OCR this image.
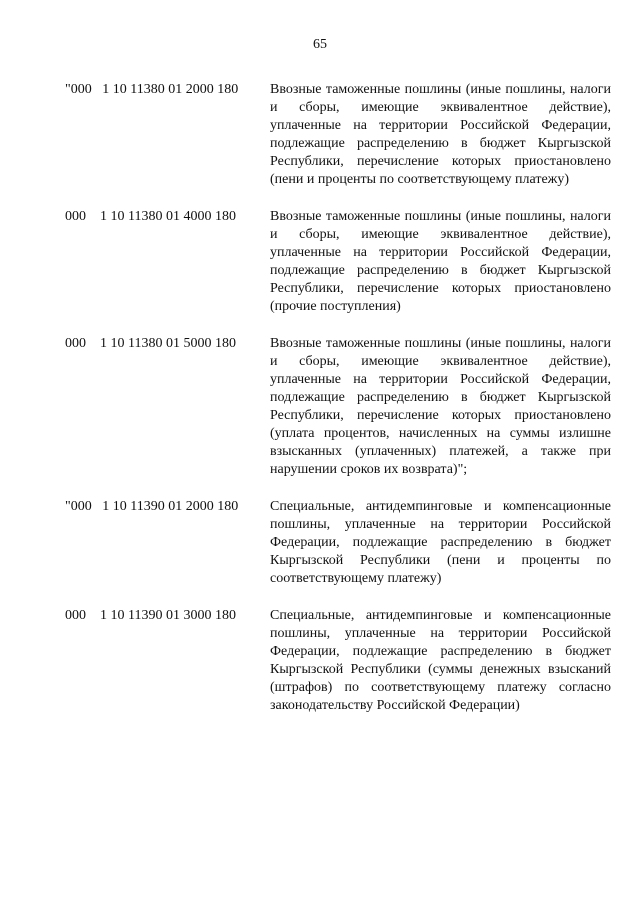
65
"000   1 10 11380 01 2000 180	Ввозные таможенные пошлины (иные пошлины, налоги и сборы, имеющие эквивалентное действие), уплаченные на территории Российской Федерации, подлежащие распределению в бюджет Кыргызской Республики, перечисление которых приостановлено (пени и проценты по соответствующему платежу)
000    1 10 11380 01 4000 180	Ввозные таможенные пошлины (иные пошлины, налоги и сборы, имеющие эквивалентное действие), уплаченные на территории Российской Федерации, подлежащие распределению в бюджет Кыргызской Республики, перечисление которых приостановлено (прочие поступления)
000    1 10 11380 01 5000 180	Ввозные таможенные пошлины (иные пошлины, налоги и сборы, имеющие эквивалентное действие), уплаченные на территории Российской Федерации, подлежащие распределению в бюджет Кыргызской Республики, перечисление которых приостановлено (уплата процентов, начисленных на суммы излишне взысканных (уплаченных) платежей, а также при нарушении сроков их возврата)";
"000   1 10 11390 01 2000 180	Специальные, антидемпинговые и компенсационные пошлины, уплаченные на территории Российской Федерации, подлежащие распределению в бюджет Кыргызской Республики (пени и проценты по соответствующему платежу)
000    1 10 11390 01 3000 180	Специальные, антидемпинговые и компенсационные пошлины, уплаченные на территории Российской Федерации, подлежащие распределению в бюджет Кыргызской Республики (суммы денежных взысканий (штрафов) по соответствующему платежу согласно законодательству Российской Федерации)
